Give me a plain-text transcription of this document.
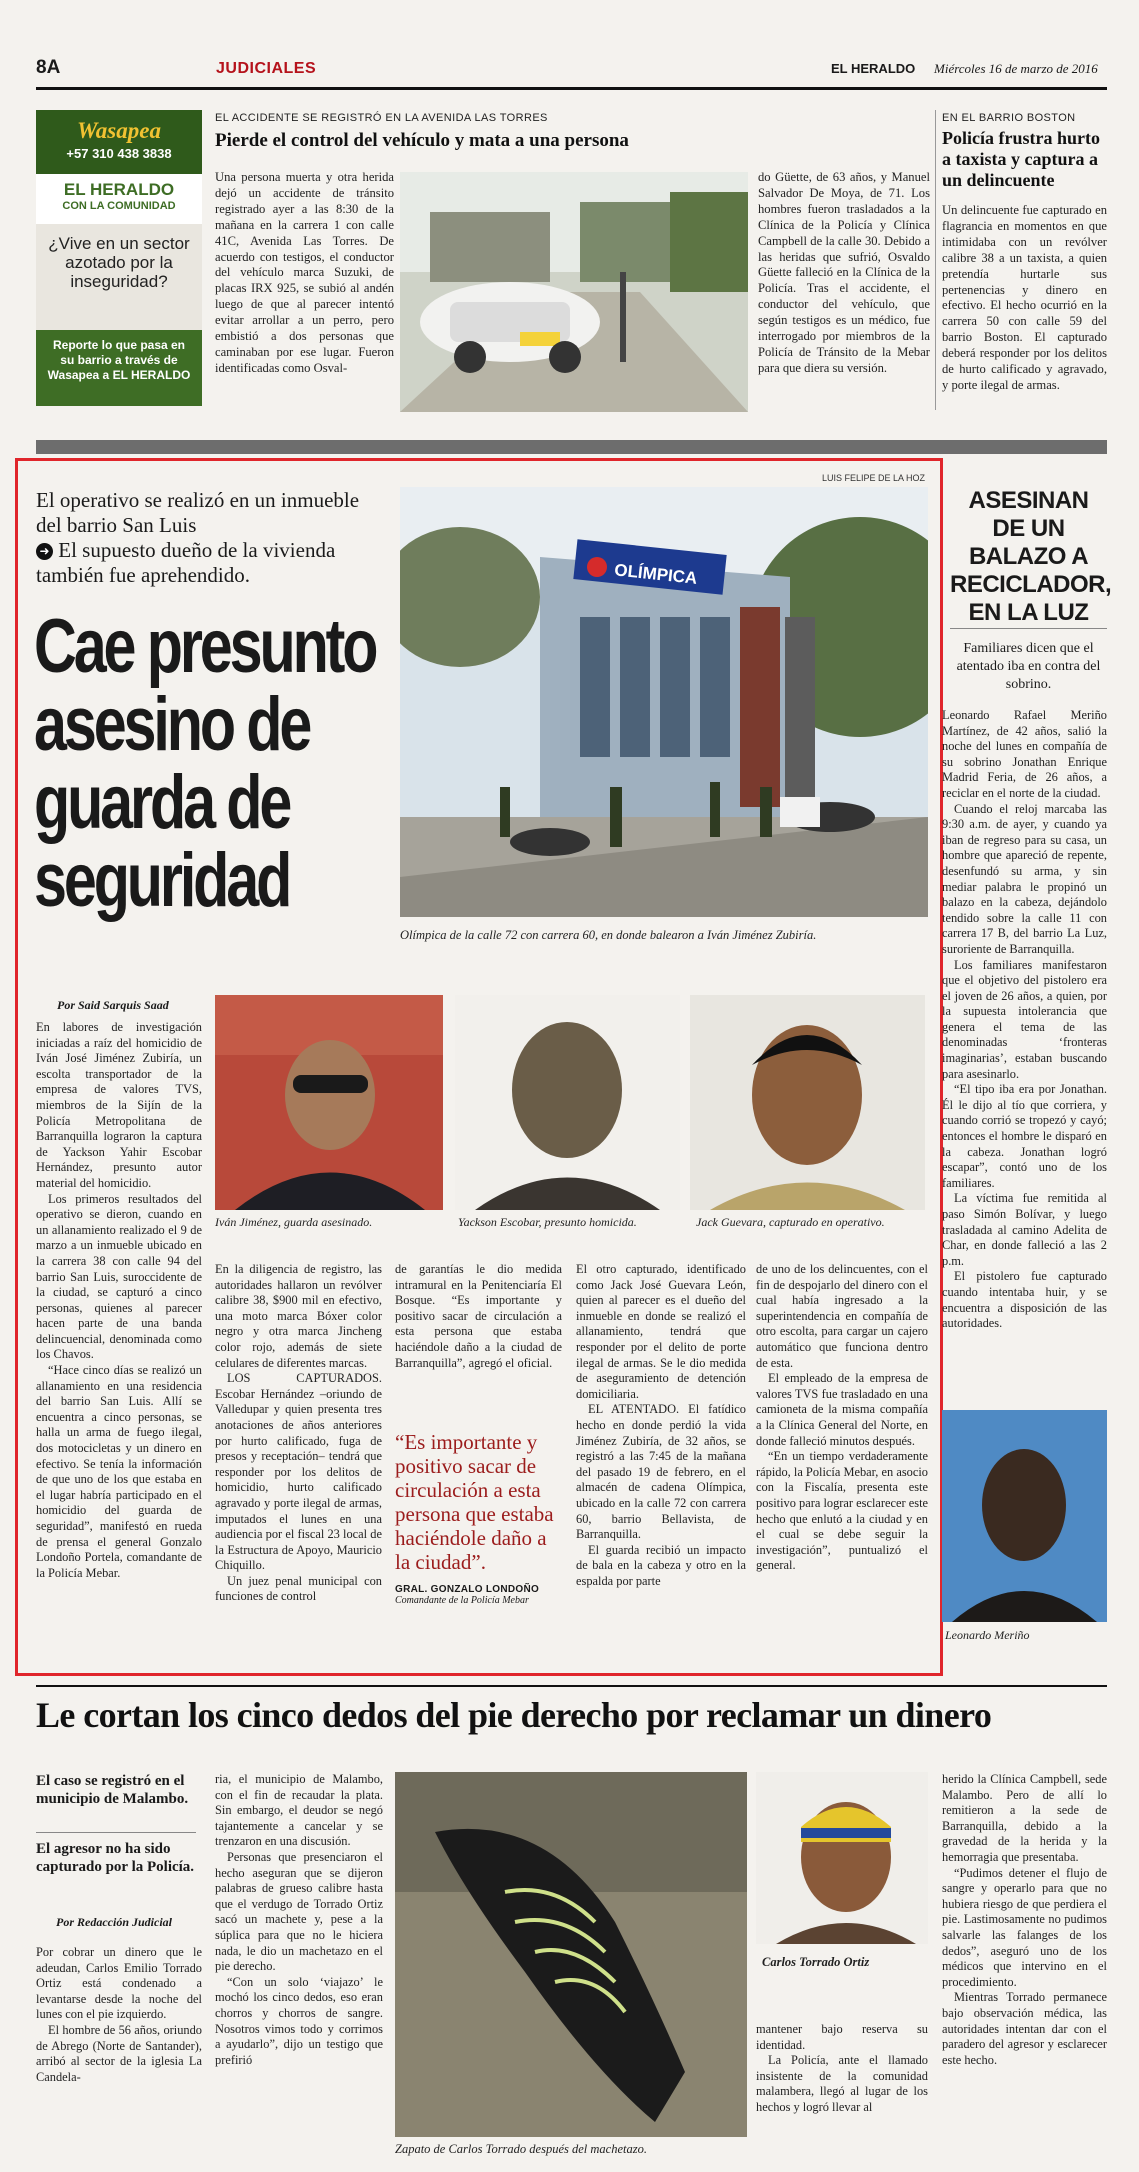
8A	JUDICIALES	EL HERALDO Miércoles 16 de marzo de 2016
Wasapea
+57 310 438 3838
EL HERALDO
CON LA COMUNIDAD
¿Vive en un sector azotado por la inseguridad?
Reporte lo que pasa en su barrio a través de Wasapea a EL HERALDO
EL ACCIDENTE SE REGISTRÓ EN LA AVENIDA LAS TORRES
Pierde el control del vehículo y mata a una persona

Una persona muerta y otra herida dejó un accidente de tránsito registrado ayer a las 8:30 de la mañana en la carrera 1 con calle 41C, Avenida Las Torres. De acuerdo con testigos, el conductor del vehículo marca Suzuki, de placas IRX 925, se subió al andén luego de que al parecer intentó evitar arrollar a un perro, pero embistió a dos personas que caminaban por ese lugar. Fueron identificadas como Osval-

do Güette, de 63 años, y Manuel Salvador De Moya, de 71. Los hombres fueron trasladados a la Clínica de la Policía y Clínica Campbell de la calle 30. Debido a las heridas que sufrió, Osvaldo Güette falleció en la Clínica de la Policía. Tras el accidente, el conductor del vehículo, que según testigos es un médico, fue interrogado por miembros de la Policía de Tránsito de la Mebar para que diera su versión.

EN EL BARRIO BOSTON
Policía frustra hurto a taxista y captura a un delincuente

Un delincuente fue capturado en flagrancia en momentos en que intimidaba con un revólver calibre 38 a un taxista, a quien pretendía hurtarle sus pertenencias y dinero en efectivo. El hecho ocurrió en la carrera 50 con calle 59 del barrio Boston. El capturado deberá responder por los delitos de hurto calificado y agravado, y porte ilegal de armas.

LUIS FELIPE DE LA HOZ
El operativo se realizó en un inmueble del barrio San Luis
➜ El supuesto dueño de la vivienda también fue aprehendido.
Cae presunto
asesino de
guarda de
seguridad
OLÍMPICA
Olímpica de la calle 72 con carrera 60, en donde balearon a Iván Jiménez Zubiría.
Por Said Sarquis Saad
Iván Jiménez, guarda asesinado.	Yackson Escobar, presunto homicida.	Jack Guevara, capturado en operativo.

En labores de investigación iniciadas a raíz del homicidio de Iván José Jiménez Zubiría, un escolta transportador de la empresa de valores TVS, miembros de la Sijín de la Policía Metropolitana de Barranquilla lograron la captura de Yackson Yahir Escobar Hernández, presunto autor material del homicidio.

Los primeros resultados del operativo se dieron, cuando en un allanamiento realizado el 9 de marzo a un inmueble ubicado en la carrera 38 con calle 94 del barrio San Luis, suroccidente de la ciudad, se capturó a cinco personas, quienes al parecer hacen parte de una banda delincuencial, denominada como los Chavos.

“Hace cinco días se realizó un allanamiento en una residencia del barrio San Luis. Allí se encuentra a cinco personas, se halla un arma de fuego ilegal, dos motocicletas y un dinero en efectivo. Se tenía la información de que uno de los que estaba en el lugar habría participado en el homicidio del guarda de seguridad”, manifestó en rueda de prensa el general Gonzalo Londoño Portela, comandante de la Policía Mebar.

En la diligencia de registro, las autoridades hallaron un revólver calibre 38, $900 mil en efectivo, una moto marca Bóxer color negro y otra marca Jincheng color rojo, además de siete celulares de diferentes marcas.

LOS CAPTURADOS. Escobar Hernández –oriundo de Valledupar y quien presenta tres anotaciones de años anteriores por hurto calificado, fuga de presos y receptación– tendrá que responder por los delitos de homicidio, hurto calificado agravado y porte ilegal de armas, imputados el lunes en una audiencia por el fiscal 23 local de la Estructura de Apoyo, Mauricio Chiquillo.

Un juez penal municipal con funciones de control

de garantías le dio medida intramural en la Penitenciaría El Bosque. “Es importante y positivo sacar de circulación a esta persona que estaba haciéndole daño a la ciudad de Barranquilla”, agregó el oficial.

“Es importante y positivo sacar de circulación a esta persona que estaba haciéndole daño a la ciudad”.
GRAL. GONZALO LONDOÑO
Comandante de la Policía Mebar

El otro capturado, identificado como Jack José Guevara León, quien al parecer es el dueño del inmueble en donde se realizó el allanamiento, tendrá que responder por el delito de porte ilegal de armas. Se le dio medida de aseguramiento de detención domiciliaria.

EL ATENTADO. El fatídico hecho en donde perdió la vida Jiménez Zubiría, de 32 años, se registró a las 7:45 de la mañana del pasado 19 de febrero, en el almacén de cadena Olímpica, ubicado en la calle 72 con carrera 60, barrio Bellavista, de Barranquilla.

El guarda recibió un impacto de bala en la cabeza y otro en la espalda por parte

de uno de los delincuentes, con el fin de despojarlo del dinero con el cual había ingresado a la superintendencia en compañía de otro escolta, para cargar un cajero automático que funciona dentro de esta.

El empleado de la empresa de valores TVS fue trasladado en una camioneta de la misma compañía a la Clínica General del Norte, en donde falleció minutos después.

“En un tiempo verdaderamente rápido, la Policía Mebar, en asocio con la Fiscalía, presenta este positivo para lograr esclarecer este hecho que enlutó a la ciudad y en el cual se debe seguir la investigación”, puntualizó el general.

ASESINAN DE UN BALAZO A RECICLADOR, EN LA LUZ
Familiares dicen que el atentado iba en contra del sobrino.

Leonardo Rafael Meriño Martínez, de 42 años, salió la noche del lunes en compañía de su sobrino Jonathan Enrique Madrid Feria, de 26 años, a reciclar en el norte de la ciudad.

Cuando el reloj marcaba las 9:30 a.m. de ayer, y cuando ya iban de regreso para su casa, un hombre que apareció de repente, desenfundó su arma, y sin mediar palabra le propinó un balazo en la cabeza, dejándolo tendido sobre la calle 11 con carrera 17 B, del barrio La Luz, suroriente de Barranquilla.

Los familiares manifestaron que el objetivo del pistolero era el joven de 26 años, a quien, por la supuesta intolerancia que genera el tema de las denominadas ‘fronteras imaginarias’, estaban buscando para asesinarlo.

“El tipo iba era por Jonathan. Él le dijo al tío que corriera, y cuando corrió se tropezó y cayó; entonces el hombre le disparó en la cabeza. Jonathan logró escapar”, contó uno de los familiares.

La víctima fue remitida al paso Simón Bolívar, y luego trasladada al camino Adelita de Char, en donde falleció a las 2 p.m.

El pistolero fue capturado cuando intentaba huir, y se encuentra a disposición de las autoridades.

Leonardo Meriño
Le cortan los cinco dedos del pie derecho por reclamar un dinero
El caso se registró en el municipio de Malambo.
El agresor no ha sido capturado por la Policía.
Por Redacción Judicial

Por cobrar un dinero que le adeudan, Carlos Emilio Torrado Ortiz está condenado a levantarse desde la noche del lunes con el pie izquierdo.

El hombre de 56 años, oriundo de Abrego (Norte de Santander), arribó al sector de la iglesia La Candela-

ria, el municipio de Malambo, con el fin de recaudar la plata. Sin embargo, el deudor se negó tajantemente a cancelar y se trenzaron en una discusión.

Personas que presenciaron el hecho aseguran que se dijeron palabras de grueso calibre hasta que el verdugo de Torrado Ortiz sacó un machete y, pese a la súplica para que no le hiciera nada, le dio un machetazo en el pie derecho.

“Con un solo ‘viajazo’ le mochó los cinco dedos, eso eran chorros y chorros de sangre. Nosotros vimos todo y corrimos a ayudarlo”, dijo un testigo que prefirió

Zapato de Carlos Torrado después del machetazo.
Carlos Torrado Ortiz

mantener bajo reserva su identidad.

La Policía, ante el llamado insistente de la comunidad malambera, llegó al lugar de los hechos y logró llevar al

herido la Clínica Campbell, sede Malambo. Pero de allí lo remitieron a la sede de Barranquilla, debido a la gravedad de la herida y la hemorragia que presentaba.

“Pudimos detener el flujo de sangre y operarlo para que no hubiera riesgo de que perdiera el pie. Lastimosamente no pudimos salvarle las falanges de los dedos”, aseguró uno de los médicos que intervino en el procedimiento.

Mientras Torrado permanece bajo observación médica, las autoridades intentan dar con el paradero del agresor y esclarecer este hecho.
